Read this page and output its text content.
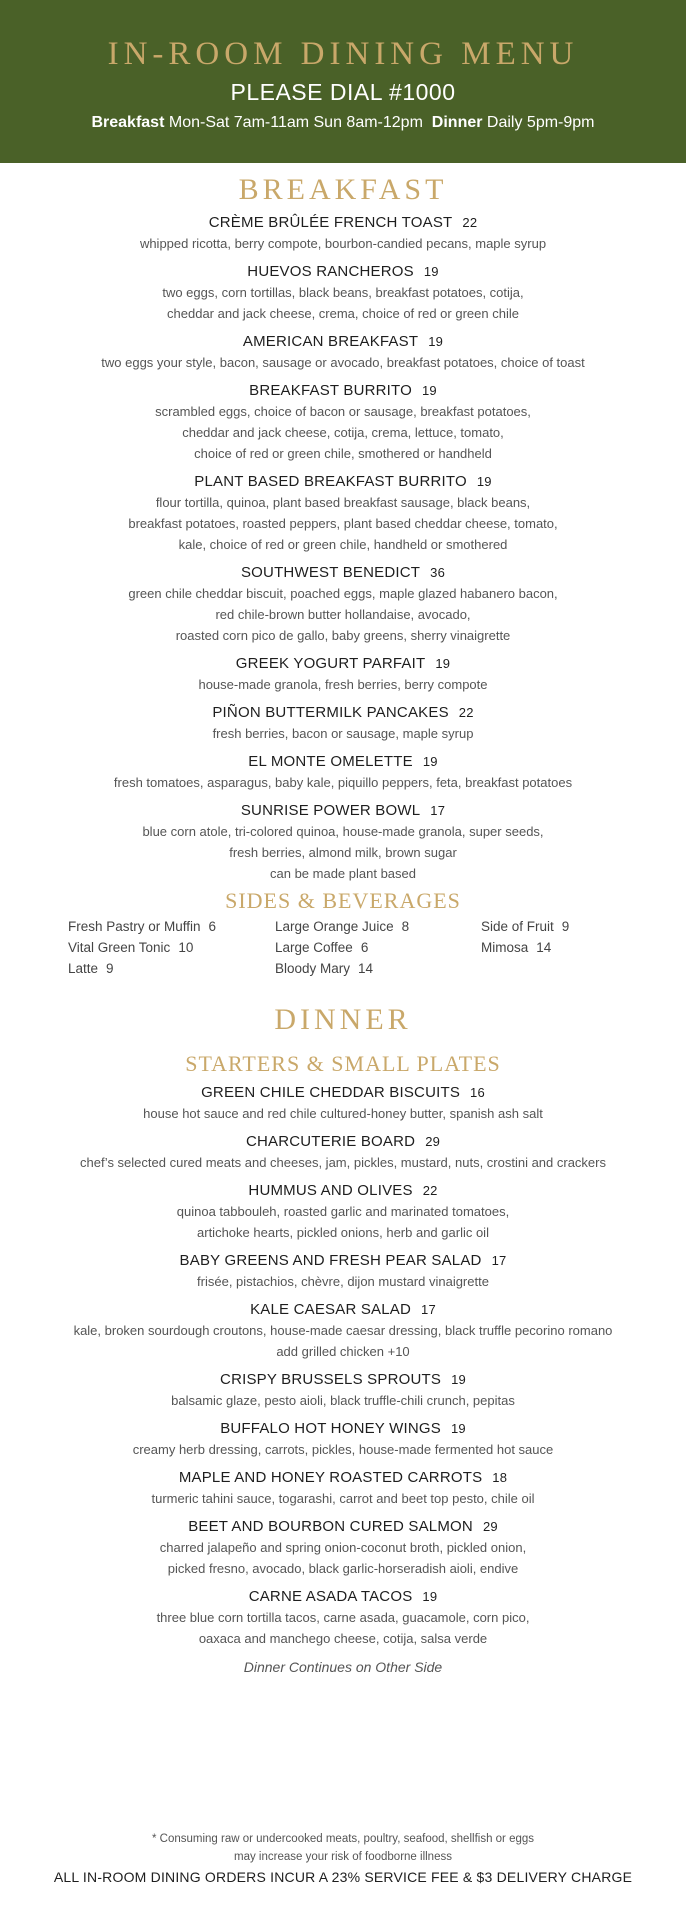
IN-ROOM DINING MENU
PLEASE DIAL #1000
Breakfast Mon-Sat 7am-11am Sun 8am-12pm Dinner Daily 5pm-9pm
BREAKFAST
CRÈME BRÛLÉE FRENCH TOAST 22
whipped ricotta, berry compote, bourbon-candied pecans, maple syrup
HUEVOS RANCHEROS 19
two eggs, corn tortillas, black beans, breakfast potatoes, cotija,
cheddar and jack cheese, crema, choice of red or green chile
AMERICAN BREAKFAST 19
two eggs your style, bacon, sausage or avocado, breakfast potatoes, choice of toast
BREAKFAST BURRITO 19
scrambled eggs, choice of bacon or sausage, breakfast potatoes,
cheddar and jack cheese, cotija, crema, lettuce, tomato,
choice of red or green chile, smothered or handheld
PLANT BASED BREAKFAST BURRITO 19
flour tortilla, quinoa, plant based breakfast sausage, black beans,
breakfast potatoes, roasted peppers, plant based cheddar cheese, tomato,
kale, choice of red or green chile, handheld or smothered
SOUTHWEST BENEDICT 36
green chile cheddar biscuit, poached eggs, maple glazed habanero bacon,
red chile-brown butter hollandaise, avocado,
roasted corn pico de gallo, baby greens, sherry vinaigrette
GREEK YOGURT PARFAIT 19
house-made granola, fresh berries, berry compote
PIÑON BUTTERMILK PANCAKES 22
fresh berries, bacon or sausage, maple syrup
EL MONTE OMELETTE 19
fresh tomatoes, asparagus, baby kale, piquillo peppers, feta, breakfast potatoes
SUNRISE POWER BOWL 17
blue corn atole, tri-colored quinoa, house-made granola, super seeds,
fresh berries, almond milk, brown sugar
can be made plant based
SIDES & BEVERAGES
Fresh Pastry or Muffin 6	Large Orange Juice 8	Side of Fruit 9
Vital Green Tonic 10	Large Coffee 6	Mimosa 14
Latte 9	Bloody Mary 14
DINNER
STARTERS & SMALL PLATES
GREEN CHILE CHEDDAR BISCUITS 16
house hot sauce and red chile cultured-honey butter, spanish ash salt
CHARCUTERIE BOARD 29
chef’s selected cured meats and cheeses, jam, pickles, mustard, nuts, crostini and crackers
HUMMUS AND OLIVES 22
quinoa tabbouleh, roasted garlic and marinated tomatoes,
artichoke hearts, pickled onions, herb and garlic oil
BABY GREENS AND FRESH PEAR SALAD 17
frisée, pistachios, chèvre, dijon mustard vinaigrette
KALE CAESAR SALAD 17
kale, broken sourdough croutons, house-made caesar dressing, black truffle pecorino romano
add grilled chicken +10
CRISPY BRUSSELS SPROUTS 19
balsamic glaze, pesto aioli, black truffle-chili crunch, pepitas
BUFFALO HOT HONEY WINGS 19
creamy herb dressing, carrots, pickles, house-made fermented hot sauce
MAPLE AND HONEY ROASTED CARROTS 18
turmeric tahini sauce, togarashi, carrot and beet top pesto, chile oil
BEET AND BOURBON CURED SALMON 29
charred jalapeño and spring onion-coconut broth, pickled onion,
picked fresno, avocado, black garlic-horseradish aioli, endive
CARNE ASADA TACOS 19
three blue corn tortilla tacos, carne asada, guacamole, corn pico,
oaxaca and manchego cheese, cotija, salsa verde
Dinner Continues on Other Side
* Consuming raw or undercooked meats, poultry, seafood, shellfish or eggs
may increase your risk of foodborne illness
ALL IN-ROOM DINING ORDERS INCUR A 23% SERVICE FEE & $3 DELIVERY CHARGE
